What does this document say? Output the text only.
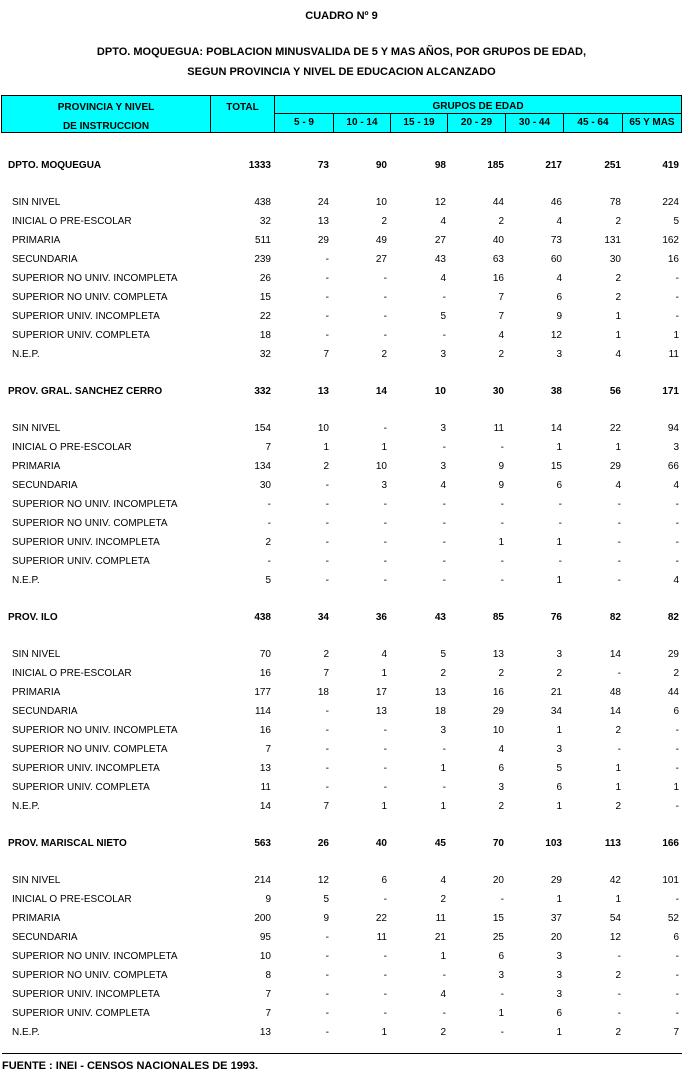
CUADRO Nº 9
DPTO. MOQUEGUA: POBLACION MINUSVALIDA DE 5 Y MAS AÑOS, POR GRUPOS DE EDAD,
SEGUN PROVINCIA Y NIVEL DE EDUCACION ALCANZADO
PROVINCIA Y NIVEL
DE INSTRUCCION
TOTAL	GRUPOS DE EDAD
5 - 9	10 - 14	15 - 19	20 - 29	30 - 44	45 - 64	65 Y MAS
DPTO. MOQUEGUA	1333	73	90	98	185	217	251	419
SIN NIVEL	438	24	10	12	44	46	78	224
INICIAL O PRE-ESCOLAR	32	13	2	4	2	4	2	5
PRIMARIA	511	29	49	27	40	73	131	162
SECUNDARIA	239	-	27	43	63	60	30	16
SUPERIOR NO UNIV. INCOMPLETA	26	-	-	4	16	4	2	-
SUPERIOR NO UNIV. COMPLETA	15	-	-	-	7	6	2	-
SUPERIOR UNIV. INCOMPLETA	22	-	-	5	7	9	1	-
SUPERIOR UNIV. COMPLETA	18	-	-	-	4	12	1	1
N.E.P.	32	7	2	3	2	3	4	11
PROV. GRAL. SANCHEZ CERRO	332	13	14	10	30	38	56	171
SIN NIVEL	154	10	-	3	11	14	22	94
INICIAL O PRE-ESCOLAR	7	1	1	-	-	1	1	3
PRIMARIA	134	2	10	3	9	15	29	66
SECUNDARIA	30	-	3	4	9	6	4	4
SUPERIOR NO UNIV. INCOMPLETA	-	-	-	-	-	-	-	-
SUPERIOR NO UNIV. COMPLETA	-	-	-	-	-	-	-	-
SUPERIOR UNIV. INCOMPLETA	2	-	-	-	1	1	-	-
SUPERIOR UNIV. COMPLETA	-	-	-	-	-	-	-	-
N.E.P.	5	-	-	-	-	1	-	4
PROV. ILO	438	34	36	43	85	76	82	82
SIN NIVEL	70	2	4	5	13	3	14	29
INICIAL O PRE-ESCOLAR	16	7	1	2	2	2	-	2
PRIMARIA	177	18	17	13	16	21	48	44
SECUNDARIA	114	-	13	18	29	34	14	6
SUPERIOR NO UNIV. INCOMPLETA	16	-	-	3	10	1	2	-
SUPERIOR NO UNIV. COMPLETA	7	-	-	-	4	3	-	-
SUPERIOR UNIV. INCOMPLETA	13	-	-	1	6	5	1	-
SUPERIOR UNIV. COMPLETA	11	-	-	-	3	6	1	1
N.E.P.	14	7	1	1	2	1	2	-
PROV. MARISCAL NIETO	563	26	40	45	70	103	113	166
SIN NIVEL	214	12	6	4	20	29	42	101
INICIAL O PRE-ESCOLAR	9	5	-	2	-	1	1	-
PRIMARIA	200	9	22	11	15	37	54	52
SECUNDARIA	95	-	11	21	25	20	12	6
SUPERIOR NO UNIV. INCOMPLETA	10	-	-	1	6	3	-	-
SUPERIOR NO UNIV. COMPLETA	8	-	-	-	3	3	2	-
SUPERIOR UNIV. INCOMPLETA	7	-	-	4	-	3	-	-
SUPERIOR UNIV. COMPLETA	7	-	-	-	1	6	-	-
N.E.P.	13	-	1	2	-	1	2	7
FUENTE : INEI - CENSOS NACIONALES DE 1993.
